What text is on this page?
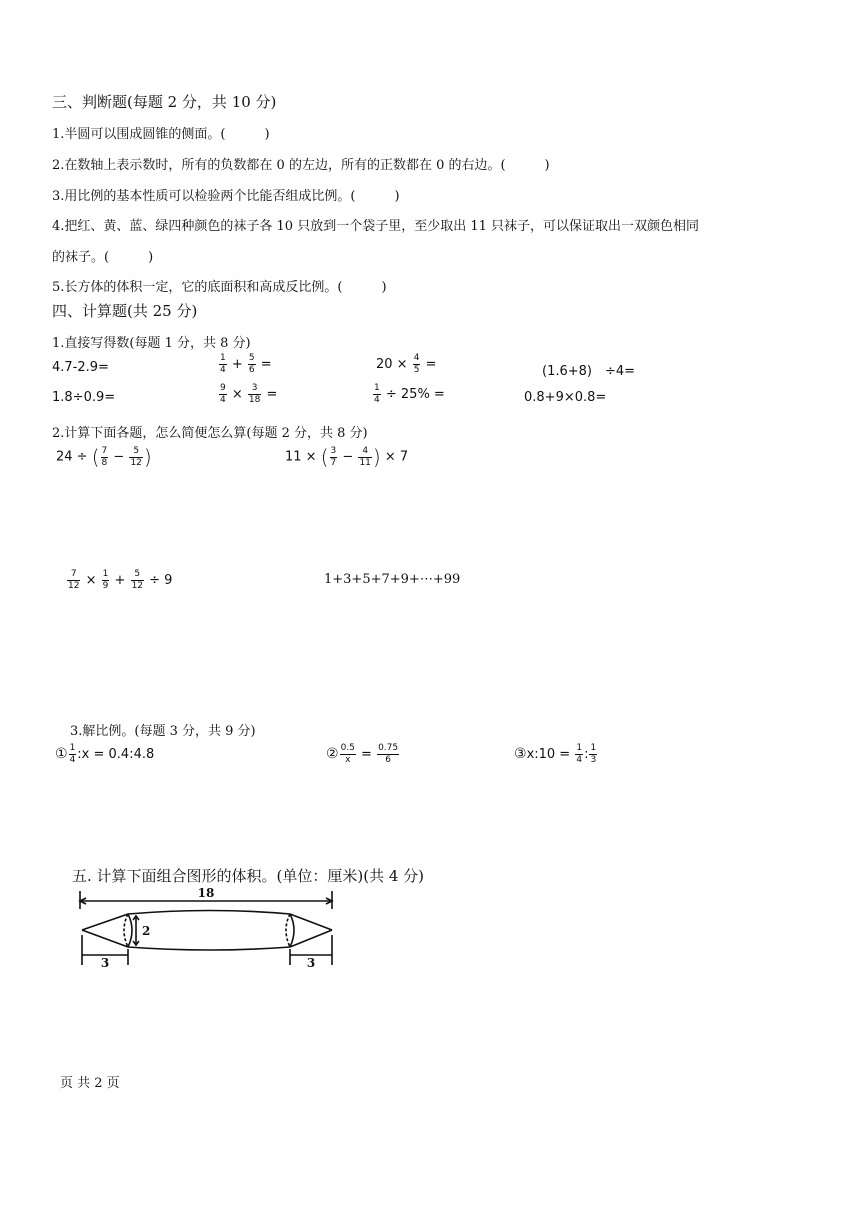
三、判断题(每题 2 分，共 10 分)
1.半圆可以围成圆锥的侧面。(　　　)
2.在数轴上表示数时，所有的负数都在 0 的左边，所有的正数都在 0 的右边。(　　　)
3.用比例的基本性质可以检验两个比能否组成比例。(　　　)
4.把红、黄、蓝、绿四种颜色的袜子各 10 只放到一个袋子里，至少取出 11 只袜子，可以保证取出一双颜色相同
的袜子。(　　　)
5.长方体的体积一定，它的底面积和高成反比例。(　　　)
四、计算题(共 25 分)
1.直接写得数(每题 1 分，共 8 分)
4.7-2.9=	$\frac{1}{4} + \frac{5}{6}$ =	$20 \times \frac{4}{5}$ =	(1.6+8)　÷4=
1.8÷0.9=	$\frac{9}{4} \times \frac{3}{18}$ =	$\frac{1}{4} \div 25\%$ =	0.8+9×0.8=
2.计算下面各题，怎么简便怎么算(每题 2 分，共 8 分)
24 ÷ ( $\frac{7}{8} - \frac{5}{12}$ )	11 × ( $\frac{3}{7} - \frac{4}{11}$ ) × 7
$\frac{7}{12} \times \frac{1}{9} + \frac{5}{12} \div 9$	1+3+5+7+9+⋯+99
3.解比例。(每题 3 分，共 9 分)
① $\frac{1}{4}$ :x = 0.4:4.8	② $\frac{0.5}{x} = \frac{0.75}{6}$	③x:10 = $\frac{1}{4}$ : $\frac{1}{3}$
五. 计算下面组合图形的体积。(单位：厘米)(共 4 分)
18
2
3	3
页 共 2 页
